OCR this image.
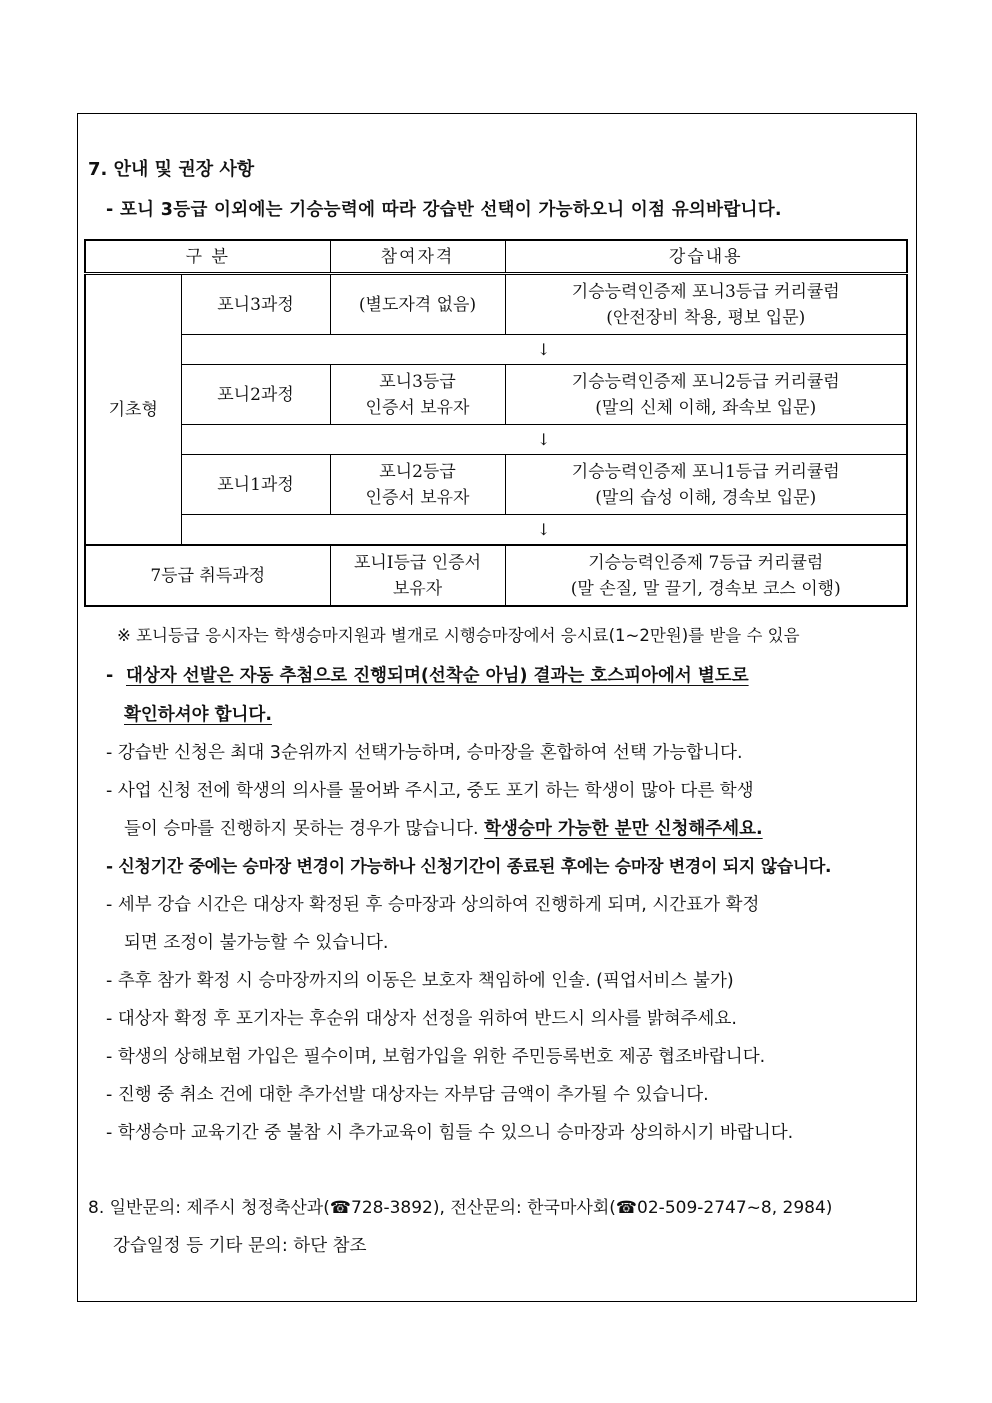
7. 안내 및 권장 사항
- 포니 3등급 이외에는 기승능력에 따라 강습반 선택이 가능하오니 이점 유의바랍니다.
구 분		참여자격	강습내용
기초형	포니3과정	(별도자격 없음)	기승능력인증제 포니3등급 커리큘럼
(안전장비 착용, 평보 입문)

	↓		
	포니2과정	포니3등급
인증서 보유자	기승능력인증제 포니2등급 커리큘럼
(말의 신체 이해, 좌속보 입문)

	↓		
	포니1과정	포니2등급
인증서 보유자	기승능력인증제 포니1등급 커리큘럼
(말의 습성 이해, 경속보 입문)

	↓		
7등급 취득과정		포니Ⅰ등급 인증서
보유자	기승능력인증제 7등급 커리큘럼
(말 손질, 말 끌기, 경속보 코스 이행)
※ 포니등급 응시자는 학생승마지원과 별개로 시행승마장에서 응시료(1~2만원)를 받을 수 있음
- 대상자 선발은 자동 추첨으로 진행되며(선착순 아님) 결과는 호스피아에서 별도로
확인하셔야 합니다.
- 강습반 신청은 최대 3순위까지 선택가능하며, 승마장을 혼합하여 선택 가능합니다.
- 사업 신청 전에 학생의 의사를 물어봐 주시고, 중도 포기 하는 학생이 많아 다른 학생
들이 승마를 진행하지 못하는 경우가 많습니다. 학생승마 가능한 분만 신청해주세요.
- 신청기간 중에는 승마장 변경이 가능하나 신청기간이 종료된 후에는 승마장 변경이 되지 않습니다.
- 세부 강습 시간은 대상자 확정된 후 승마장과 상의하여 진행하게 되며, 시간표가 확정
되면 조정이 불가능할 수 있습니다.
- 추후 참가 확정 시 승마장까지의 이동은 보호자 책임하에 인솔. (픽업서비스 불가)
- 대상자 확정 후 포기자는 후순위 대상자 선정을 위하여 반드시 의사를 밝혀주세요.
- 학생의 상해보험 가입은 필수이며, 보험가입을 위한 주민등록번호 제공 협조바랍니다.
- 진행 중 취소 건에 대한 추가선발 대상자는 자부담 금액이 추가될 수 있습니다.
- 학생승마 교육기간 중 불참 시 추가교육이 힘들 수 있으니 승마장과 상의하시기 바랍니다.
8. 일반문의: 제주시 청정축산과(☎728-3892), 전산문의: 한국마사회(☎02-509-2747~8, 2984)
강습일정 등 기타 문의: 하단 참조
